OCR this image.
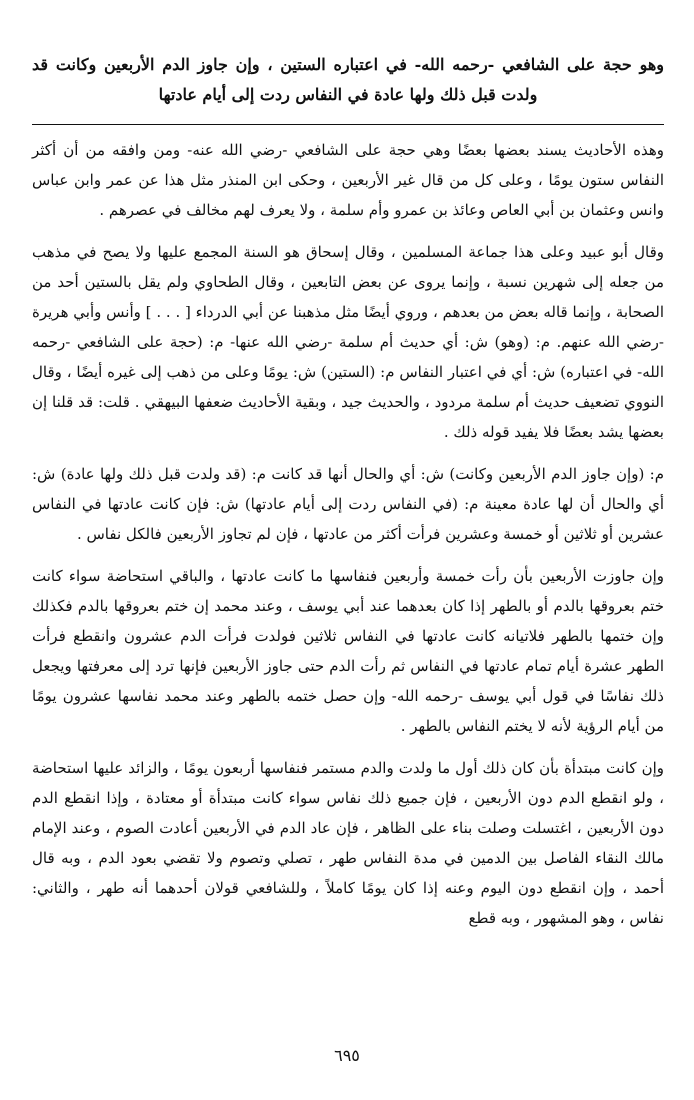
وهو حجة على الشافعي -رحمه الله- في اعتباره الستين ، وإن جاوز الدم الأربعين وكانت قد ولدت قبل ذلك ولها عادة في النفاس ردت إلى أيام عادتها

وهذه الأحاديث يسند بعضها بعضًا وهي حجة على الشافعي -رضي الله عنه- ومن وافقه من أن أكثر النفاس ستون يومًا ، وعلى كل من قال غير الأربعين ، وحكى ابن المنذر مثل هذا عن عمر وابن عباس وانس وعثمان بن أبي العاص وعائذ بن عمرو وأم سلمة ، ولا يعرف لهم مخالف في عصرهم .

وقال أبو عبيد وعلى هذا جماعة المسلمين ، وقال إسحاق هو السنة المجمع عليها ولا يصح في مذهب من جعله إلى شهرين نسبة ، وإنما يروى عن بعض التابعين ، وقال الطحاوي ولم يقل بالستين أحد من الصحابة ، وإنما قاله بعض من بعدهم ، وروي أيضًا مثل مذهبنا عن أبي الدرداء [ . . . ] وأنس وأبي هريرة -رضي الله عنهم. م: (وهو) ش: أي حديث أم سلمة -رضي الله عنها- م: (حجة على الشافعي -رحمه الله- في اعتباره) ش: أي في اعتبار النفاس م: (الستين) ش: يومًا وعلى من ذهب إلى غيره أيضًا ، وقال النووي تضعيف حديث أم سلمة مردود ، والحديث جيد ، وبقية الأحاديث ضعفها البيهقي . قلت: قد قلنا إن بعضها يشد بعضًا فلا يفيد قوله ذلك .

م: (وإن جاوز الدم الأربعين وكانت) ش: أي والحال أنها قد كانت م: (قد ولدت قبل ذلك ولها عادة) ش: أي والحال أن لها عادة معينة م: (في النفاس ردت إلى أيام عادتها) ش: فإن كانت عادتها في النفاس عشرين أو ثلاثين أو خمسة وعشرين فرأت أكثر من عادتها ، فإن لم تجاوز الأربعين فالكل نفاس .

وإن جاوزت الأربعين بأن رأت خمسة وأربعين فنفاسها ما كانت عادتها ، والباقي استحاضة سواء كانت ختم بعروقها بالدم أو بالطهر إذا كان بعدهما عند أبي يوسف ، وعند محمد إن ختم بعروقها بالدم فكذلك وإن ختمها بالطهر فلاتيانه كانت عادتها في النفاس ثلاثين فولدت فرأت الدم عشرون وانقطع فرأت الطهر عشرة أيام تمام عادتها في النفاس ثم رأت الدم حتى جاوز الأربعين فإنها ترد إلى معرفتها ويجعل ذلك نفاسًا في قول أبي يوسف -رحمه الله- وإن حصل ختمه بالطهر وعند محمد نفاسها عشرون يومًا من أيام الرؤية لأنه لا يختم النفاس بالطهر .

وإن كانت مبتدأة بأن كان ذلك أول ما ولدت والدم مستمر فنفاسها أربعون يومًا ، والزائد عليها استحاضة ، ولو انقطع الدم دون الأربعين ، فإن جميع ذلك نفاس سواء كانت مبتدأة أو معتادة ، وإذا انقطع الدم دون الأربعين ، اغتسلت وصلت بناء على الظاهر ، فإن عاد الدم في الأربعين أعادت الصوم ، وعند الإمام مالك النقاء الفاصل بين الدمين في مدة النفاس طهر ، تصلي وتصوم ولا تقضي بعود الدم ، وبه قال أحمد ، وإن انقطع دون اليوم وعنه إذا كان يومًا كاملاً ، وللشافعي قولان أحدهما أنه طهر ، والثاني: نفاس ، وهو المشهور ، وبه قطع

٦٩٥
